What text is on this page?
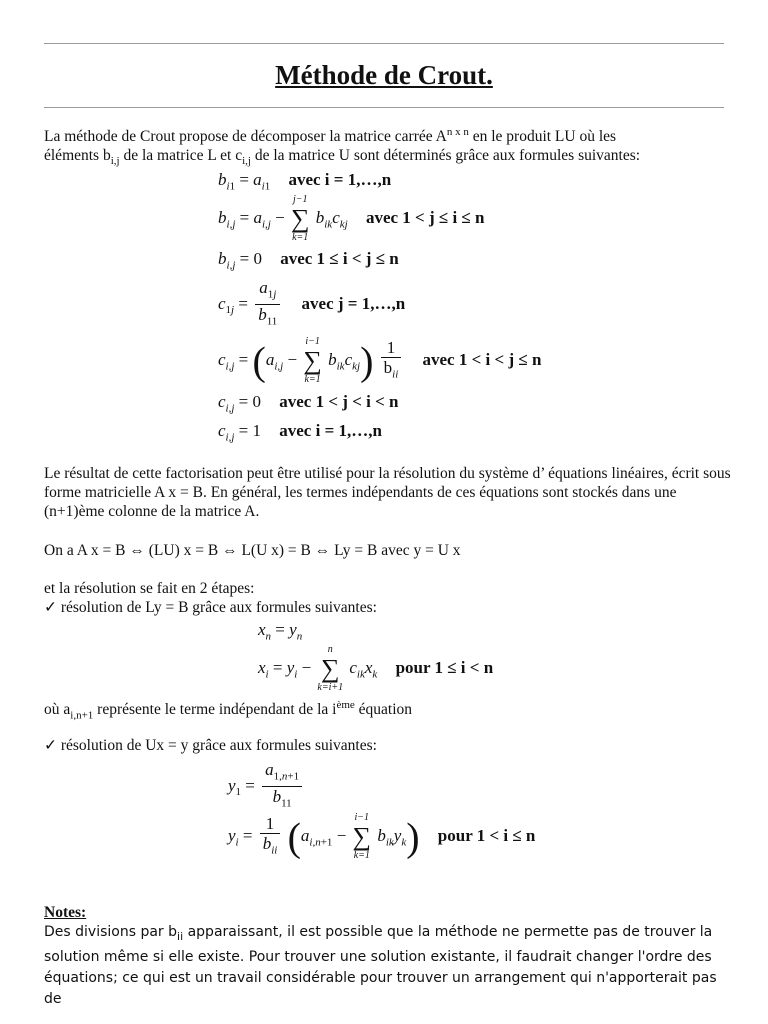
Méthode de Crout.
La méthode de Crout propose de décomposer la matrice carrée $A^{n x n}$ en le produit LU où les
éléments $b_{i,j}$ de la matrice L et $c_{i,j}$ de la matrice U sont déterminés grâce aux formules suivantes:
$b_{i1} = a_{i1}$ avec i = 1,…,n
$b_{i,j} = a_{i,j}$ −
j−1
∑
k=1
$b_{ik}c_{kj}$ avec 1 < j ≤ i ≤ n
$b_{i,j} = 0$ avec 1 ≤ i < j ≤ n
$c_{1j} = \frac{a_{1j}}{b_{11}}$ avec j = 1,…,n
$c_{i,j} = (a_{i,j}$ −
i−1
∑
k=1
$b_{ik}c_{kj}) \frac{1}{b_{ii}}$ avec 1 < i < j ≤ n
$c_{i,j} = 0$ avec 1 < j < i < n
$c_{i,j} = 1$ avec i = 1,…,n
Le résultat de cette factorisation peut être utilisé pour la résolution du système d’ équations linéaires, écrit sous forme matricielle A x = B. En général, les termes indépendants de ces équations sont stockés dans une (n+1)ème colonne de la matrice A.
On a A x = B ⇔ (LU) x = B ⇔ L(U x) = B ⇔ Ly = B avec y = U x
et la résolution se fait en 2 étapes:
✓ résolution de Ly = B grâce aux formules suivantes:
$x_n = y_n$
$x_i = y_i$ −
n
∑
k=i+1
$c_{ik}x_k$ pour 1 ≤ i < n
où $a_{i,n+1}$ représente le terme indépendant de la $i^{ème}$ équation
✓ résolution de Ux = y grâce aux formules suivantes:
$y_1 = \frac{a_{1,n+1}}{b_{11}}$
$y_i = \frac{1}{b_{ii}} (a_{i,n+1}$ −
i−1
∑
k=1
$b_{ik}y_k$) pour 1 < i ≤ n
Notes:
Des divisions par $b_{ii}$ apparaissant, il est possible que la méthode ne permette pas de trouver la solution même si elle existe. Pour trouver une solution existante, il faudrait changer l'ordre des équations; ce qui est un travail considérable pour trouver un arrangement qui n'apporterait pas de
